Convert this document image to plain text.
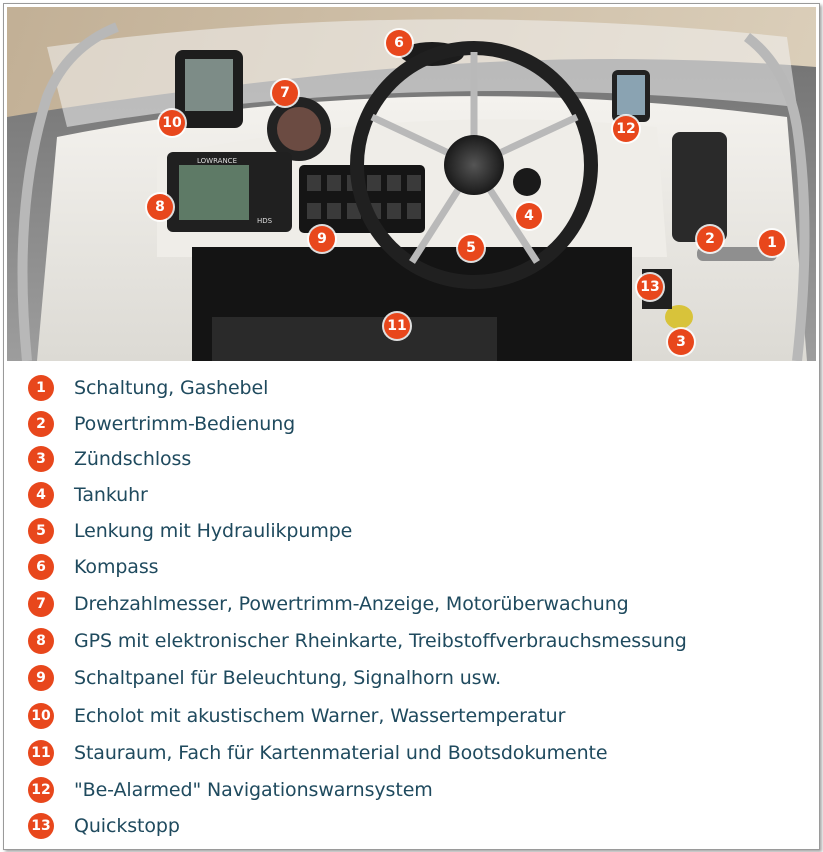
LOWRANCE
HDS
1
2
3
4
5
6
7
8
9
10
11
12
13
1	Schaltung, Gashebel
2	Powertrimm-Bedienung
3	Zündschloss
4	Tankuhr
5	Lenkung mit Hydraulikpumpe
6	Kompass
7	Drehzahlmesser, Powertrimm-Anzeige, Motorüberwachung
8	GPS mit elektronischer Rheinkarte, Treibstoffverbrauchsmessung
9	Schaltpanel für Beleuchtung, Signalhorn usw.
10 Echolot mit akustischem Warner, Wassertemperatur
11 Stauraum, Fach für Kartenmaterial und Bootsdokumente
12 "Be-Alarmed" Navigationswarnsystem
13 Quickstopp
